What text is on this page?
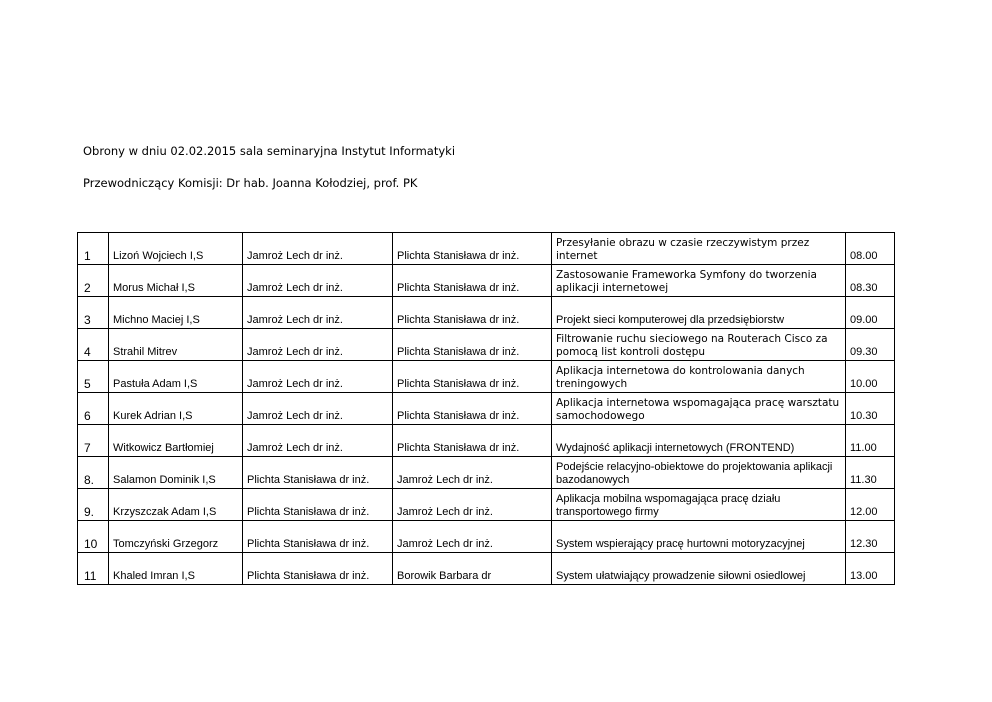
Obrony w dniu 02.02.2015 sala seminaryjna Instytut Informatyki
Przewodniczący Komisji: Dr hab. Joanna Kołodziej, prof. PK
1	Lizoń Wojciech I,S	Jamroż Lech dr inż.	Plichta Stanisława dr inż.	Przesyłanie obrazu w czasie rzeczywistym przez internet	08.00
2	Morus Michał I,S	Jamroż Lech dr inż.	Plichta Stanisława dr inż.	Zastosowanie Frameworka Symfony do tworzenia aplikacji internetowej	08.30
3	Michno Maciej I,S	Jamroż Lech dr inż.	Plichta Stanisława dr inż.	Projekt sieci komputerowej dla przedsiębiorstw	09.00
4	Strahil Mitrev	Jamroż Lech dr inż.	Plichta Stanisława dr inż.	Filtrowanie ruchu sieciowego na Routerach Cisco za pomocą list kontroli dostępu	09.30
5	Pastuła Adam I,S	Jamroż Lech dr inż.	Plichta Stanisława dr inż.	Aplikacja internetowa do kontrolowania danych treningowych	10.00
6	Kurek Adrian I,S	Jamroż Lech dr inż.	Plichta Stanisława dr inż.	Aplikacja internetowa wspomagająca pracę warsztatu samochodowego	10.30
7	Witkowicz Bartłomiej	Jamroż Lech dr inż.	Plichta Stanisława dr inż.	Wydajność aplikacji internetowych (FRONTEND)	11.00
8.	Salamon Dominik I,S	Plichta Stanisława dr inż.	Jamroż Lech dr inż.	Podejście relacyjno-obiektowe do projektowania aplikacji bazodanowych	11.30
9.	Krzyszczak Adam I,S	Plichta Stanisława dr inż.	Jamroż Lech dr inż.	Aplikacja mobilna wspomagająca pracę działu transportowego firmy	12.00
10	Tomczyński Grzegorz	Plichta Stanisława dr inż.	Jamroż Lech dr inż.	System wspierający pracę hurtowni motoryzacyjnej	12.30
11	Khaled Imran I,S	Plichta Stanisława dr inż.	Borowik Barbara dr	System ułatwiający prowadzenie siłowni osiedlowej	13.00
